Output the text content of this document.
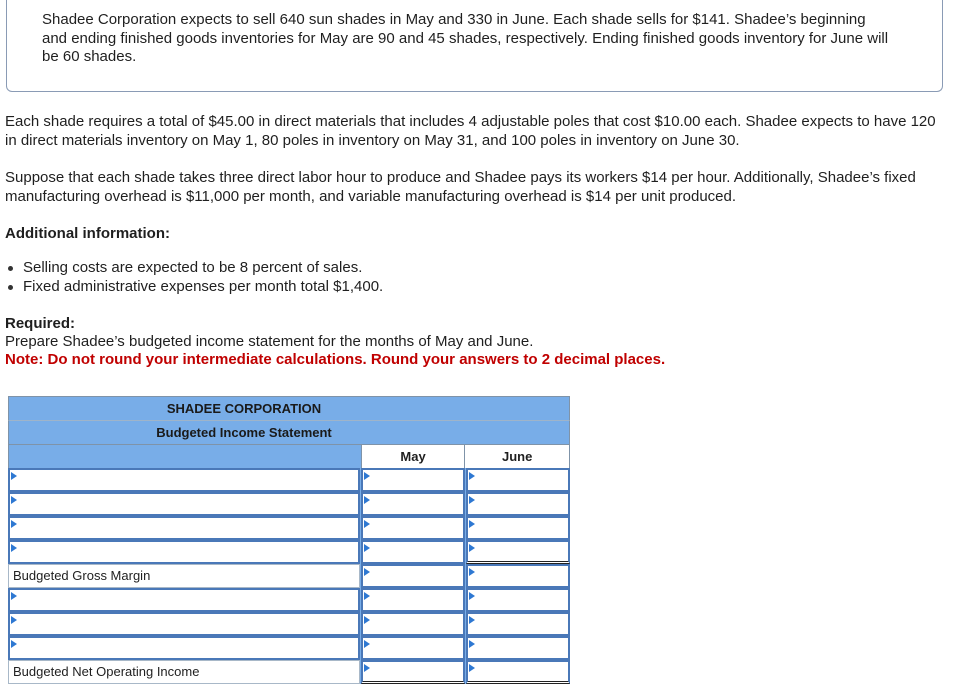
Shadee Corporation expects to sell 640 sun shades in May and 330 in June. Each shade sells for $141. Shadee’s beginning and ending finished goods inventories for May are 90 and 45 shades, respectively. Ending finished goods inventory for June will be 60 shades.
Each shade requires a total of $45.00 in direct materials that includes 4 adjustable poles that cost $10.00 each. Shadee expects to have 120 in direct materials inventory on May 1, 80 poles in inventory on May 31, and 100 poles in inventory on June 30.
Suppose that each shade takes three direct labor hour to produce and Shadee pays its workers $14 per hour. Additionally, Shadee’s fixed manufacturing overhead is $11,000 per month, and variable manufacturing overhead is $14 per unit produced.
Additional information:
Selling costs are expected to be 8 percent of sales.
Fixed administrative expenses per month total $1,400.
Required:
Prepare Shadee’s budgeted income statement for the months of May and June.
Note: Do not round your intermediate calculations. Round your answers to 2 decimal places.
SHADEE CORPORATION
Budgeted Income Statement
May	June
Budgeted Gross Margin
Budgeted Net Operating Income
